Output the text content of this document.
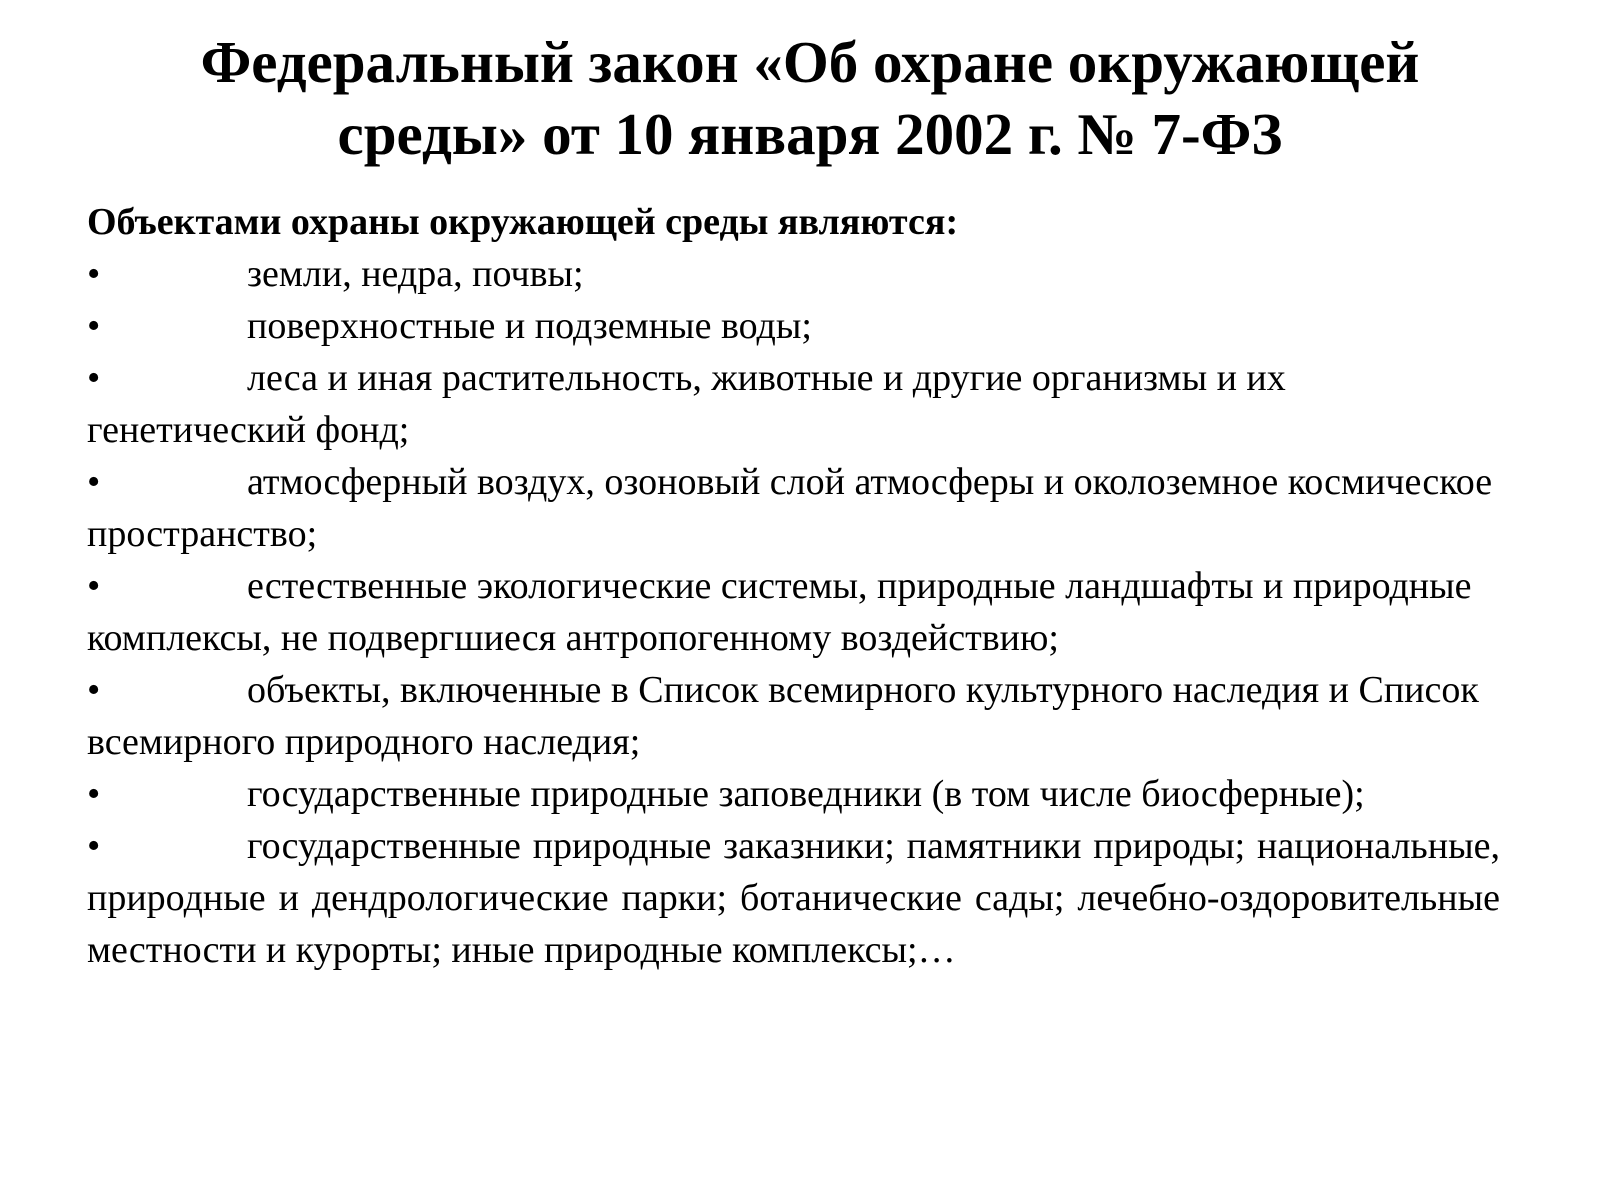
Федеральный закон «Об охране окружающей среды» от 10 января 2002 г. № 7-ФЗ

Объектами охраны окружающей среды являются:

•	земли, недра, почвы;
•	поверхностные и подземные воды;
•	леса и иная растительность, животные и другие организмы и их генетический фонд;
•	атмосферный воздух, озоновый слой атмосферы и околоземное космическое пространство;
•	естественные экологические системы, природные ландшафты и природные комплексы, не подвергшиеся антропогенному воздействию;
•	объекты, включенные в Список всемирного культурного наследия и Список всемирного природного наследия;
•	государственные природные заповедники (в том числе биосферные);
•	государственные природные заказники; памятники природы; национальные, природные и дендрологические парки; ботанические сады; лечебно-оздоровительные местности и курорты; иные природные комплексы;…
